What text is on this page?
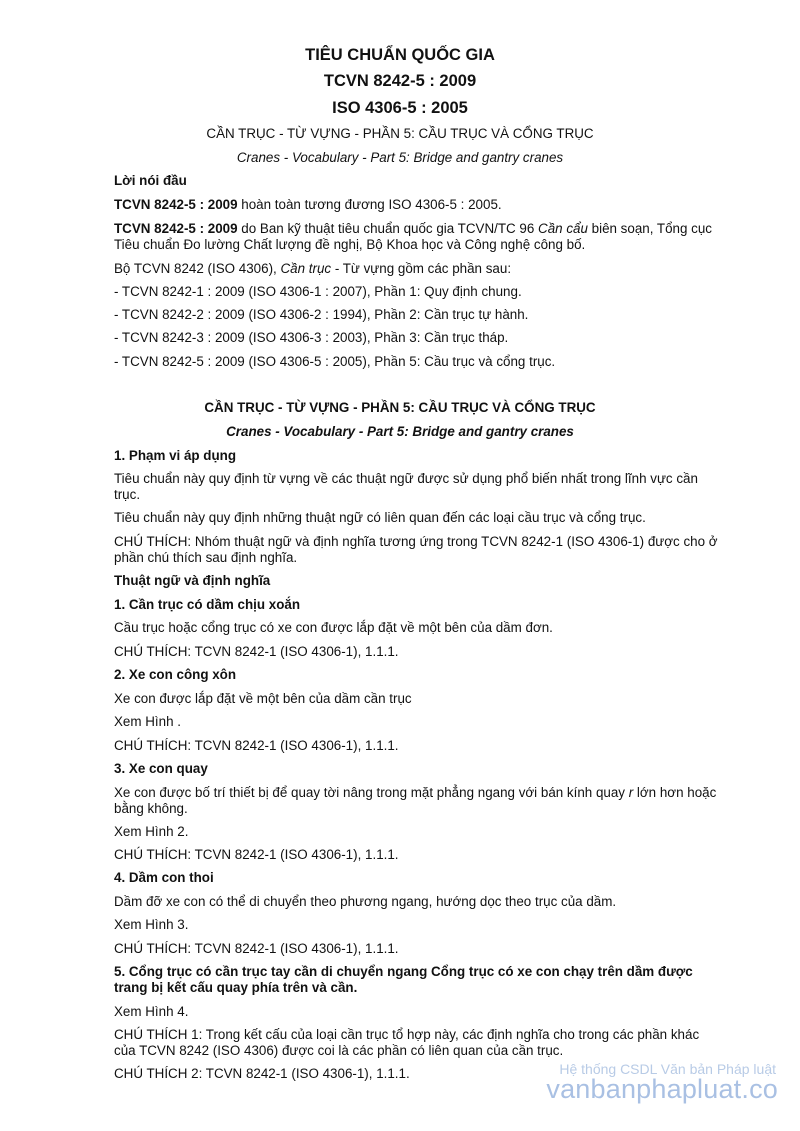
TIÊU CHUẨN QUỐC GIA
TCVN 8242-5 : 2009
ISO 4306-5 : 2005
CẦN TRỤC - TỪ VỰNG - PHẦN 5: CẦU TRỤC VÀ CỔNG TRỤC
Cranes - Vocabulary - Part 5: Bridge and gantry cranes
Lời nói đầu
TCVN 8242-5 : 2009 hoàn toàn tương đương ISO 4306-5 : 2005.
TCVN 8242-5 : 2009 do Ban kỹ thuật tiêu chuẩn quốc gia TCVN/TC 96 Cần cẩu biên soạn, Tổng cục Tiêu chuẩn Đo lường Chất lượng đề nghị, Bộ Khoa học và Công nghệ công bố.
Bộ TCVN 8242 (ISO 4306), Cần trục - Từ vựng gồm các phần sau:
- TCVN 8242-1 : 2009 (ISO 4306-1 : 2007), Phần 1: Quy định chung.
- TCVN 8242-2 : 2009 (ISO 4306-2 : 1994), Phần 2: Cần trục tự hành.
- TCVN 8242-3 : 2009 (ISO 4306-3 : 2003), Phần 3: Cần trục tháp.
- TCVN 8242-5 : 2009 (ISO 4306-5 : 2005), Phần 5: Cầu trục và cổng trục.
CẦN TRỤC - TỪ VỰNG - PHẦN 5: CẦU TRỤC VÀ CỔNG TRỤC
Cranes - Vocabulary - Part 5: Bridge and gantry cranes
1. Phạm vi áp dụng
Tiêu chuẩn này quy định từ vựng về các thuật ngữ được sử dụng phổ biến nhất trong lĩnh vực cần trục.
Tiêu chuẩn này quy định những thuật ngữ có liên quan đến các loại cầu trục và cổng trục.
CHÚ THÍCH: Nhóm thuật ngữ và định nghĩa tương ứng trong TCVN 8242-1 (ISO 4306-1) được cho ở phần chú thích sau định nghĩa.
Thuật ngữ và định nghĩa
1. Cần trục có dầm chịu xoắn
Cầu trục hoặc cổng trục có xe con được lắp đặt về một bên của dầm đơn.
CHÚ THÍCH: TCVN 8242-1 (ISO 4306-1), 1.1.1.
2. Xe con công xôn
Xe con được lắp đặt về một bên của dầm cần trục
Xem Hình .
CHÚ THÍCH: TCVN 8242-1 (ISO 4306-1), 1.1.1.
3. Xe con quay
Xe con được bố trí thiết bị để quay tời nâng trong mặt phẳng ngang với bán kính quay r lớn hơn hoặc bằng không.
Xem Hình 2.
CHÚ THÍCH: TCVN 8242-1 (ISO 4306-1), 1.1.1.
4. Dầm con thoi
Dầm đỡ xe con có thể di chuyển theo phương ngang, hướng dọc theo trục của dầm.
Xem Hình 3.
CHÚ THÍCH: TCVN 8242-1 (ISO 4306-1), 1.1.1.
5. Cổng trục có cần trục tay cần di chuyển ngang Cổng trục có xe con chạy trên dầm được trang bị kết cấu quay phía trên và cần.
Xem Hình 4.
CHÚ THÍCH 1: Trong kết cấu của loại cần trục tổ hợp này, các định nghĩa cho trong các phần khác của TCVN 8242 (ISO 4306) được coi là các phần có liên quan của cần trục.
CHÚ THÍCH 2: TCVN 8242-1 (ISO 4306-1), 1.1.1.	Hệ thống CSDL Văn bản Pháp luật
vanbanphapluat.co
